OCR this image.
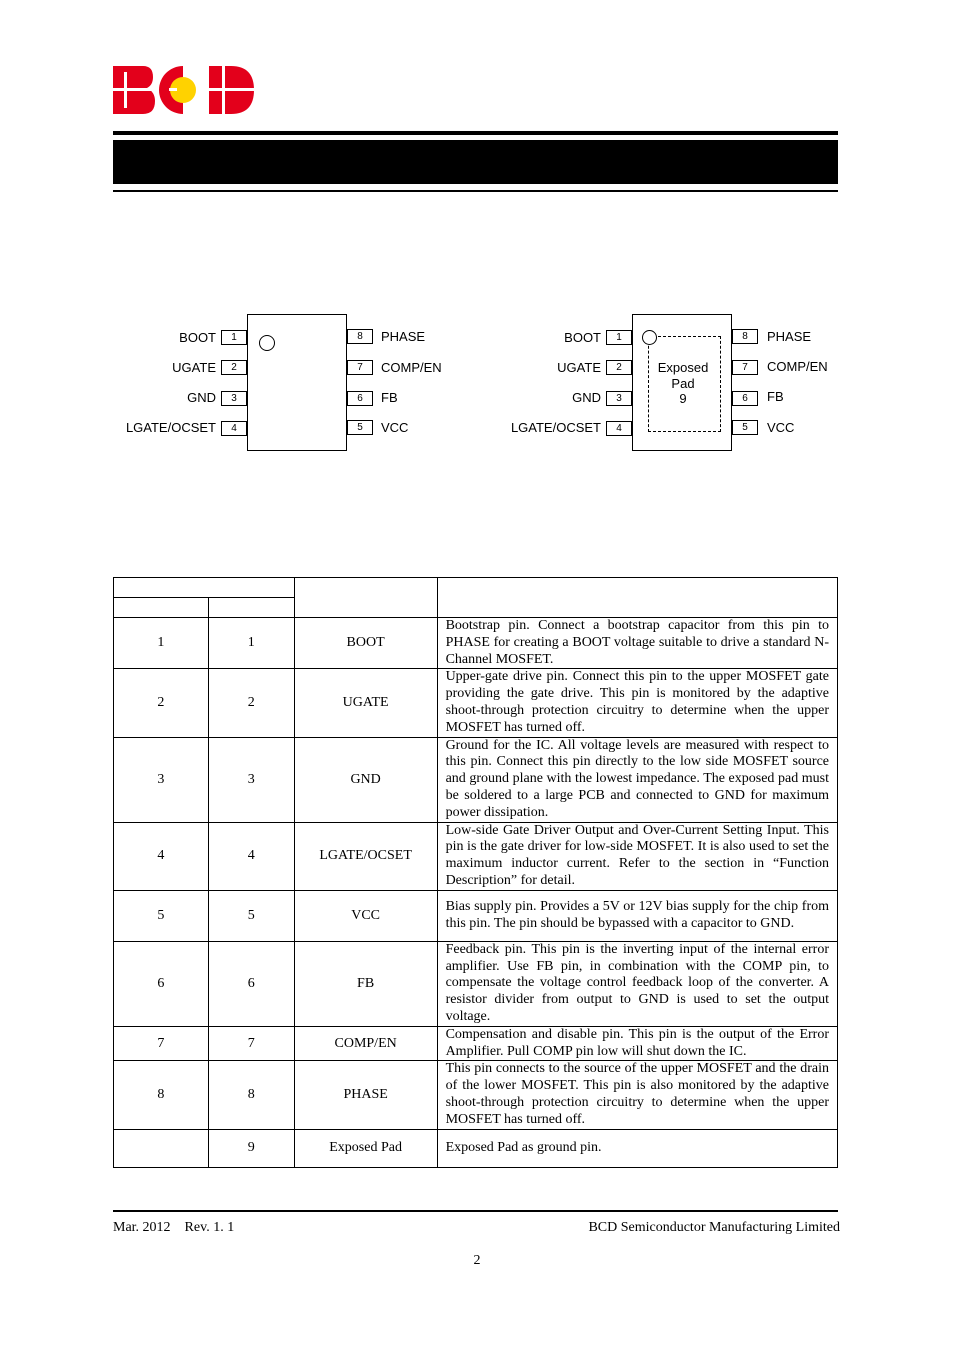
1
2
3
4
BOOT
UGATE
GND
LGATE/OCSET
8
7
6
5
PHASE
COMP/EN
FB
VCC
Exposed
Pad
9
1
2
3
4
BOOT
UGATE
GND
LGATE/OCSET
8
7
6
5
PHASE
COMP/EN
FB
VCC

1	1	BOOT	Bootstrap pin. Connect a bootstrap capacitor from this pin to PHASE for creating a BOOT voltage suitable to drive a standard N-Channel MOSFET.
2	2	UGATE	Upper-gate drive pin. Connect this pin to the upper MOSFET gate providing the gate drive. This pin is monitored by the adaptive shoot-through protection circuitry to determine when the upper MOSFET has turned off.
3	3	GND	Ground for the IC. All voltage levels are measured with respect to this pin. Connect this pin directly to the low side MOSFET source and ground plane with the lowest impedance. The exposed pad must be soldered to a large PCB and connected to GND for maximum power dissipation.
4	4	LGATE/OCSET	Low-side Gate Driver Output and Over-Current Setting Input. This pin is the gate driver for low-side MOSFET. It is also used to set the maximum inductor current. Refer to the section in “Function Description” for detail.
5	5	VCC	Bias supply pin. Provides a 5V or 12V bias supply for the chip from this pin. The pin should be bypassed with a capacitor to GND.
6	6	FB	Feedback pin. This pin is the inverting input of the internal error amplifier. Use FB pin, in combination with the COMP pin, to compensate the voltage control feedback loop of the converter. A resistor divider from output to GND is used to set the output voltage.
7	7	COMP/EN	Compensation and disable pin. This pin is the output of the Error Amplifier. Pull COMP pin low will shut down the IC.
8	8	PHASE	This pin connects to the source of the upper MOSFET and the drain of the lower MOSFET. This pin is also monitored by the adaptive shoot-through protection circuitry to determine when the upper MOSFET has turned off.
	9	Exposed Pad	Exposed Pad as ground pin.
Mar. 2012    Rev. 1. 1	BCD Semiconductor Manufacturing Limited
2
